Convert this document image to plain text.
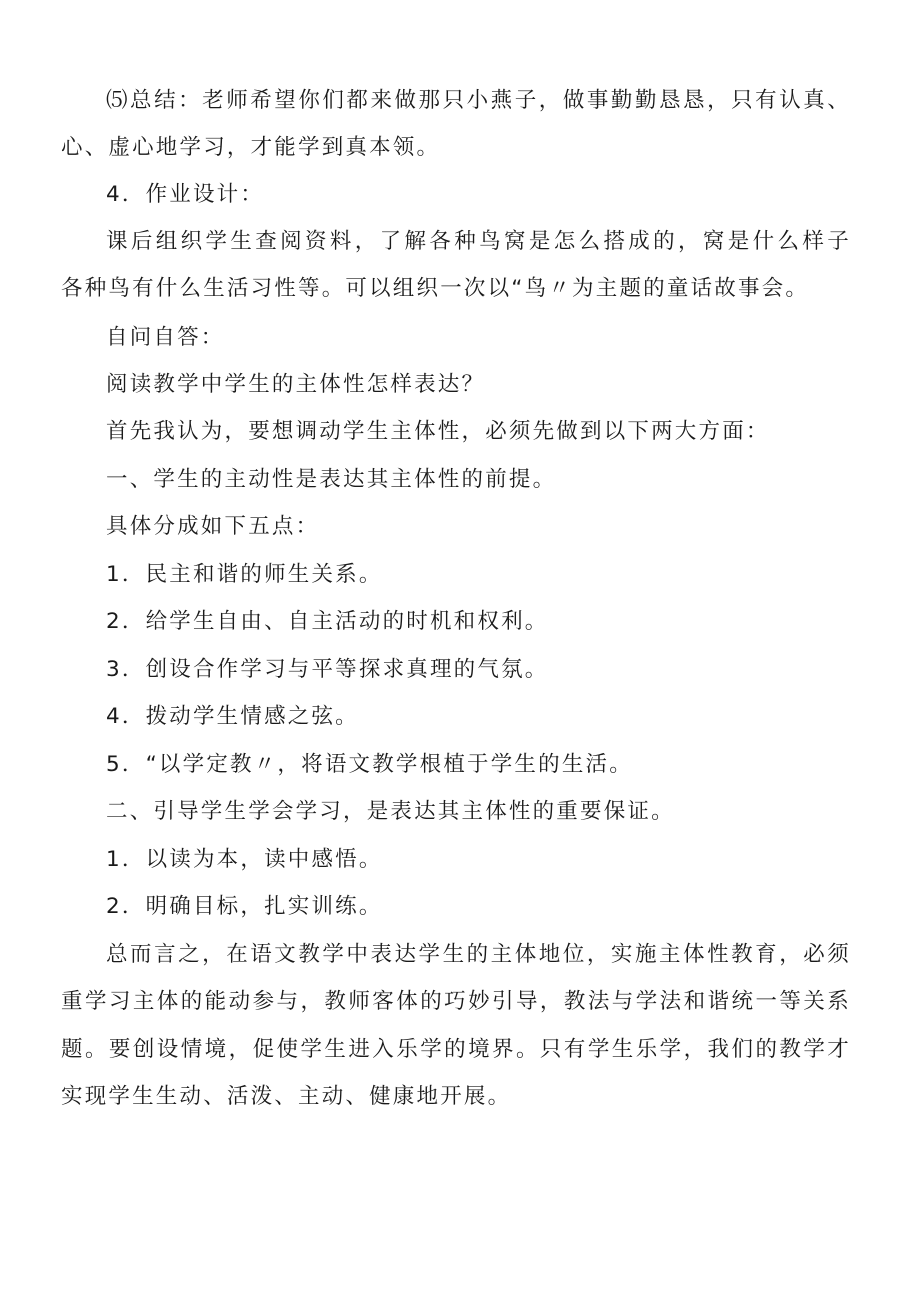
⑸总结：老师希望你们都来做那只小燕子，做事勤勤恳恳，只有认真、
心、虚心地学习，才能学到真本领。
4．作业设计：
课后组织学生查阅资料，了解各种鸟窝是怎么搭成的，窝是什么样子
各种鸟有什么生活习性等。可以组织一次以“鸟〃为主题的童话故事会。
自问自答：
阅读教学中学生的主体性怎样表达？
首先我认为，要想调动学生主体性，必须先做到以下两大方面：
一、学生的主动性是表达其主体性的前提。
具体分成如下五点：
1．民主和谐的师生关系。
2．给学生自由、自主活动的时机和权利。
3．创设合作学习与平等探求真理的气氛。
4．拨动学生情感之弦。
5．“以学定教〃，将语文教学根植于学生的生活。
二、引导学生学会学习，是表达其主体性的重要保证。
1．以读为本，读中感悟。
2．明确目标，扎实训练。
总而言之，在语文教学中表达学生的主体地位，实施主体性教育，必须
重学习主体的能动参与，教师客体的巧妙引导，教法与学法和谐统一等关系
题。要创设情境，促使学生进入乐学的境界。只有学生乐学，我们的教学才
实现学生生动、活泼、主动、健康地开展。
